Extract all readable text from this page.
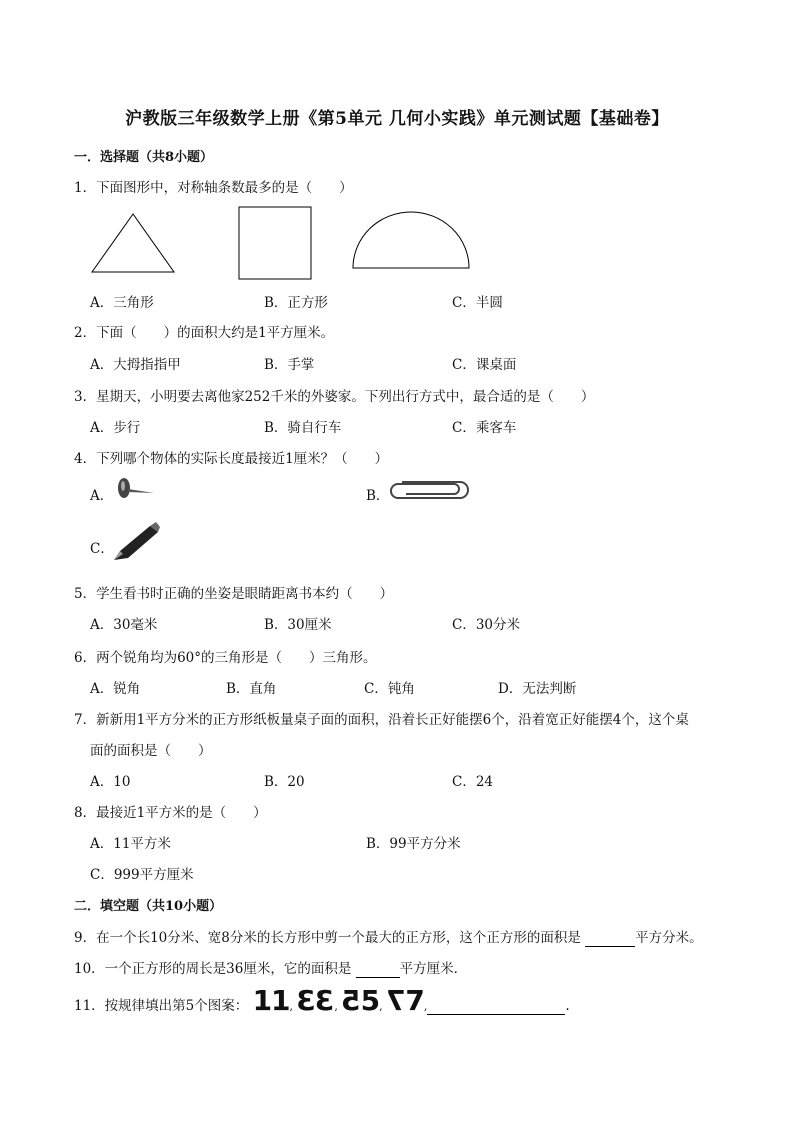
沪教版三年级数学上册《第5单元 几何小实践》单元测试题【基础卷】
一．选择题（共8小题）
1．下面图形中，对称轴条数最多的是（　　）
A．三角形	B．正方形	C．半圆
2．下面（　　）的面积大约是1平方厘米。
A．大拇指指甲	B．手掌	C．课桌面
3．星期天，小明要去离他家252千米的外婆家。下列出行方式中，最合适的是（　　）
A．步行	B．骑自行车	C．乘客车
4．下列哪个物体的实际长度最接近1厘米？（　　）
A．	B．
C．
5．学生看书时正确的坐姿是眼睛距离书本约（　　）
A．30毫米	B．30厘米	C．30分米
6．两个锐角均为60°的三角形是（　　）三角形。
A．锐角	B．直角	C．钝角	D．无法判断
7．新新用1平方分米的正方形纸板量桌子面的面积，沿着长正好能摆6个，沿着宽正好能摆4个，这个桌
面的面积是（　　）
A．10	B．20	C．24
8．最接近1平方米的是（　　）
A．11平方米	B．99平方分米
C．999平方厘米
二．填空题（共10小题）
9．在一个长10分米、宽8分米的长方形中剪一个最大的正方形，这个正方形的面积是	平方分米。
10．一个正方形的周长是36厘米，它的面积是	平方厘米．
11．按规律填出第5个图案： 11, 33, 55, 77,	.
